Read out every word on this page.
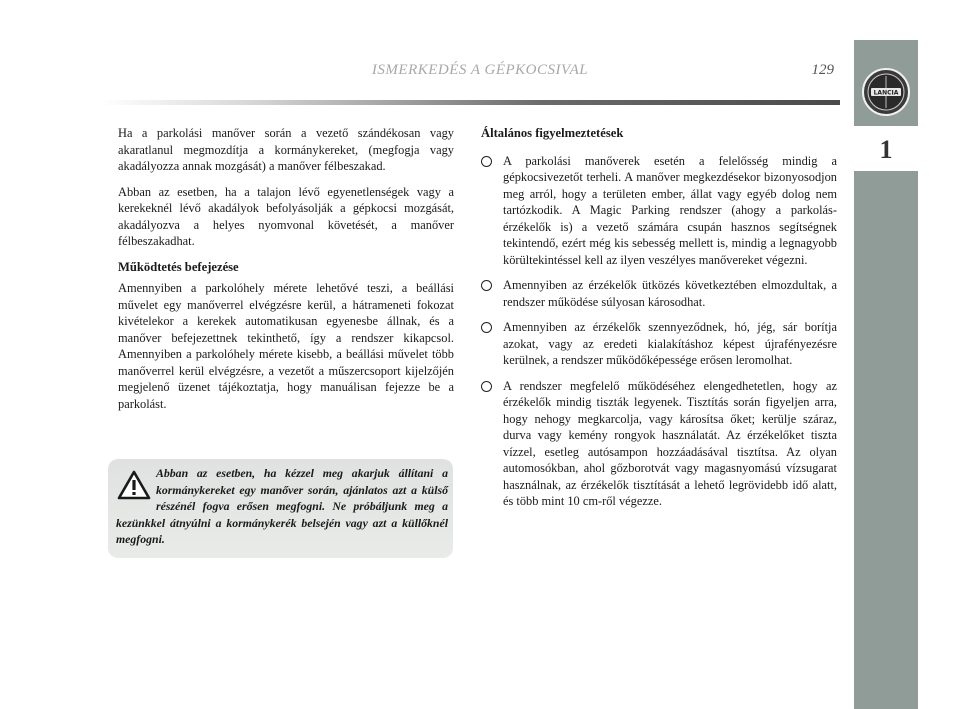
ISMERKEDÉS A GÉPKOCSIVAL	129
LANCIA
1

Ha a parkolási manőver során a vezető szándékosan vagy akaratlanul megmozdítja a kormánykereket, (megfogja vagy akadályozza annak mozgását) a manőver félbeszakad.

Abban az esetben, ha a talajon lévő egyenetlenségek vagy a kerekeknél lévő akadályok befolyásolják a gépkocsi mozgását, akadályozva a helyes nyomvonal követését, a manőver félbeszakadhat.

Működtetés befejezése

Amennyiben a parkolóhely mérete lehetővé teszi, a beállási művelet egy manőverrel elvégzésre kerül, a hátrameneti fokozat kivételekor a kerekek automatikusan egyenesbe állnak, és a manőver befejezettnek tekinthető, így a rendszer kikapcsol. Amennyiben a parkolóhely mérete kisebb, a beállási művelet több manőverrel kerül elvégzésre, a vezetőt a műszercsoport kijelzőjén megjelenő üzenet tájékoztatja, hogy manuálisan fejezze be a parkolást.

Abban az esetben, ha kézzel meg akarjuk állítani a kormánykereket egy manőver során, ajánlatos azt a külső részénél fogva erősen megfogni. Ne próbáljunk meg a kezünkkel átnyúlni a kormánykerék belsején vagy azt a küllőknél megfogni.
Általános figyelmeztetések
A parkolási manőverek esetén a felelősség mindig a gépkocsivezetőt terheli. A manőver megkezdésekor bizonyosodjon meg arról, hogy a területen ember, állat vagy egyéb dolog nem tartózkodik. A Magic Parking rendszer (ahogy a parkolás-érzékelők is) a vezető számára csupán hasznos segítségnek tekintendő, ezért még kis sebesség mellett is, mindig a legnagyobb körültekintéssel kell az ilyen veszélyes manővereket végezni.
Amennyiben az érzékelők ütközés következtében elmozdultak, a rendszer működése súlyosan károsodhat.
Amennyiben az érzékelők szennyeződnek, hó, jég, sár borítja azokat, vagy az eredeti kialakításhoz képest újrafényezésre kerülnek, a rendszer működőképessége erősen leromolhat.
A rendszer megfelelő működéséhez elengedhetetlen, hogy az érzékelők mindig tiszták legyenek. Tisztítás során figyeljen arra, hogy nehogy megkarcolja, vagy károsítsa őket; kerülje száraz, durva vagy kemény rongyok használatát. Az érzékelőket tiszta vízzel, esetleg autósampon hozzáadásával tisztítsa. Az olyan automosókban, ahol gőzborotvát vagy magasnyomású vízsugarat használnak, az érzékelők tisztítását a lehető legrövidebb idő alatt, és több mint 10 cm-ről végezze.
